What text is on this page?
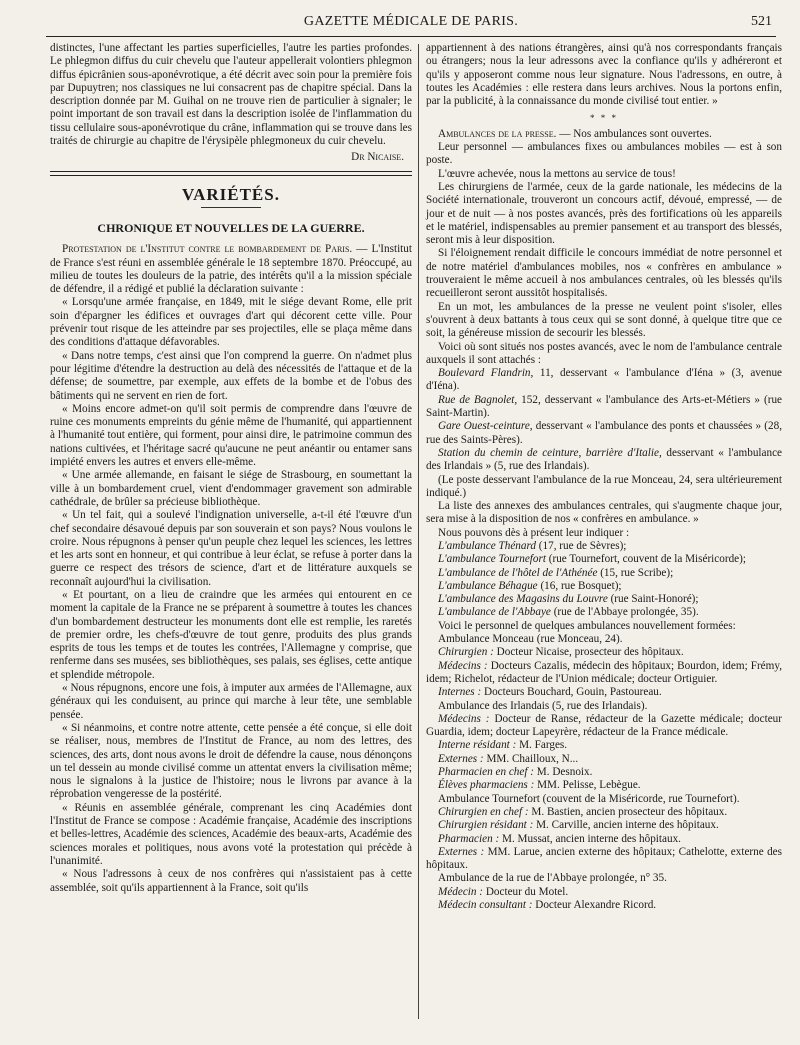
GAZETTE MÉDICALE DE PARIS.	521

distinctes, l'une affectant les parties superficielles, l'autre les parties profondes. Le phlegmon diffus du cuir chevelu que l'auteur appellerait volontiers phlegmon diffus épicrânien sous-aponévrotique, a été décrit avec soin pour la première fois par Dupuytren; nos classiques ne lui consacrent pas de chapitre spécial. Dans la description donnée par M. Guihal on ne trouve rien de particulier à signaler; le point important de son travail est dans la description isolée de l'inflammation du tissu cellulaire sous-aponévrotique du crâne, inflammation qui se trouve dans les traités de chirurgie au chapitre de l'érysipèle phlegmoneux du cuir chevelu.

Dr Nicaise.
VARIÉTÉS.
CHRONIQUE ET NOUVELLES DE LA GUERRE.

Protestation de l'Institut contre le bombardement de Paris. — L'Institut de France s'est réuni en assemblée générale le 18 septembre 1870. Préoccupé, au milieu de toutes les douleurs de la patrie, des intérêts qu'il a la mission spéciale de défendre, il a rédigé et publié la déclaration suivante :

« Lorsqu'une armée française, en 1849, mit le siége devant Rome, elle prit soin d'épargner les édifices et ouvrages d'art qui décorent cette ville. Pour prévenir tout risque de les atteindre par ses projectiles, elle se plaça même dans des conditions d'attaque défavorables.

« Dans notre temps, c'est ainsi que l'on comprend la guerre. On n'admet plus pour légitime d'étendre la destruction au delà des nécessités de l'attaque et de la défense; de soumettre, par exemple, aux effets de la bombe et de l'obus des bâtiments qui ne servent en rien de fort.

« Moins encore admet-on qu'il soit permis de comprendre dans l'œuvre de ruine ces monuments empreints du génie même de l'humanité, qui appartiennent à l'humanité tout entière, qui forment, pour ainsi dire, le patrimoine commun des nations cultivées, et l'héritage sacré qu'aucune ne peut anéantir ou entamer sans impiété envers les autres et envers elle-même.

« Une armée allemande, en faisant le siége de Strasbourg, en soumettant la ville à un bombardement cruel, vient d'endommager gravement son admirable cathédrale, de brûler sa précieuse bibliothèque.

« Un tel fait, qui a soulevé l'indignation universelle, a-t-il été l'œuvre d'un chef secondaire désavoué depuis par son souverain et son pays? Nous voulons le croire. Nous répugnons à penser qu'un peuple chez lequel les sciences, les lettres et les arts sont en honneur, et qui contribue à leur éclat, se refuse à porter dans la guerre ce respect des trésors de science, d'art et de littérature auxquels se reconnaît aujourd'hui la civilisation.

« Et pourtant, on a lieu de craindre que les armées qui entourent en ce moment la capitale de la France ne se préparent à soumettre à toutes les chances d'un bombardement destructeur les monuments dont elle est remplie, les raretés de premier ordre, les chefs-d'œuvre de tout genre, produits des plus grands esprits de tous les temps et de toutes les contrées, l'Allemagne y comprise, que renferme dans ses musées, ses bibliothèques, ses palais, ses églises, cette antique et splendide métropole.

« Nous répugnons, encore une fois, à imputer aux armées de l'Allemagne, aux généraux qui les conduisent, au prince qui marche à leur tête, une semblable pensée.

« Si néanmoins, et contre notre attente, cette pensée a été conçue, si elle doit se réaliser, nous, membres de l'Institut de France, au nom des lettres, des sciences, des arts, dont nous avons le droit de défendre la cause, nous dénonçons un tel dessein au monde civilisé comme un attentat envers la civilisation même; nous le signalons à la justice de l'histoire; nous le livrons par avance à la réprobation vengeresse de la postérité.

« Réunis en assemblée générale, comprenant les cinq Académies dont l'Institut de France se compose : Académie française, Académie des inscriptions et belles-lettres, Académie des sciences, Académie des beaux-arts, Académie des sciences morales et politiques, nous avons voté la protestation qui précède à l'unanimité.

« Nous l'adressons à ceux de nos confrères qui n'assistaient pas à cette assemblée, soit qu'ils appartiennent à la France, soit qu'ils

appartiennent à des nations étrangères, ainsi qu'à nos correspondants français ou étrangers; nous la leur adressons avec la confiance qu'ils y adhéreront et qu'ils y apposeront comme nous leur signature. Nous l'adressons, en outre, à toutes les Académies : elle restera dans leurs archives. Nous la portons enfin, par la publicité, à la connaissance du monde civilisé tout entier. »

* * *

Ambulances de la presse. — Nos ambulances sont ouvertes.

Leur personnel — ambulances fixes ou ambulances mobiles — est à son poste.

L'œuvre achevée, nous la mettons au service de tous!

Les chirurgiens de l'armée, ceux de la garde nationale, les médecins de la Société internationale, trouveront un concours actif, dévoué, empressé, — de jour et de nuit — à nos postes avancés, près des fortifications où les appareils et le matériel, indispensables au premier pansement et au transport des blessés, seront mis à leur disposition.

Si l'éloignement rendait difficile le concours immédiat de notre personnel et de notre matériel d'ambulances mobiles, nos « confrères en ambulance » trouveraient le même accueil à nos ambulances centrales, où les blessés qu'ils recueilleront seront aussitôt hospitalisés.

En un mot, les ambulances de la presse ne veulent point s'isoler, elles s'ouvrent à deux battants à tous ceux qui se sont donné, à quelque titre que ce soit, la généreuse mission de secourir les blessés.

Voici où sont situés nos postes avancés, avec le nom de l'ambulance centrale auxquels il sont attachés :

Boulevard Flandrin, 11, desservant « l'ambulance d'Iéna » (3, avenue d'Iéna).

Rue de Bagnolet, 152, desservant « l'ambulance des Arts-et-Métiers » (rue Saint-Martin).

Gare Ouest-ceinture, desservant « l'ambulance des ponts et chaussées » (28, rue des Saints-Pères).

Station du chemin de ceinture, barrière d'Italie, desservant « l'ambulance des Irlandais » (5, rue des Irlandais).

(Le poste desservant l'ambulance de la rue Monceau, 24, sera ultérieurement indiqué.)

La liste des annexes des ambulances centrales, qui s'augmente chaque jour, sera mise à la disposition de nos « confrères en ambulance. »

Nous pouvons dès à présent leur indiquer :

L'ambulance Thénard (17, rue de Sèvres);

L'ambulance Tournefort (rue Tournefort, couvent de la Miséricorde);

L'ambulance de l'hôtel de l'Athénée (15, rue Scribe);

L'ambulance Béhague (16, rue Bosquet);

L'ambulance des Magasins du Louvre (rue Saint-Honoré);

L'ambulance de l'Abbaye (rue de l'Abbaye prolongée, 35).

Voici le personnel de quelques ambulances nouvellement formées:

Ambulance Monceau (rue Monceau, 24).

Chirurgien : Docteur Nicaise, prosecteur des hôpitaux.

Médecins : Docteurs Cazalis, médecin des hôpitaux; Bourdon, idem; Frémy, idem; Richelot, rédacteur de l'Union médicale; docteur Ortiguier.

Internes : Docteurs Bouchard, Gouin, Pastoureau.

Ambulance des Irlandais (5, rue des Irlandais).

Médecins : Docteur de Ranse, rédacteur de la Gazette médicale; docteur Guardia, idem; docteur Lapeyrère, rédacteur de la France médicale.

Interne résidant : M. Farges.

Externes : MM. Chailloux, N...

Pharmacien en chef : M. Desnoix.

Élèves pharmaciens : MM. Pelisse, Lebègue.

Ambulance Tournefort (couvent de la Miséricorde, rue Tournefort).

Chirurgien en chef : M. Bastien, ancien prosecteur des hôpitaux.

Chirurgien résidant : M. Carville, ancien interne des hôpitaux.

Pharmacien : M. Mussat, ancien interne des hôpitaux.

Externes : MM. Larue, ancien externe des hôpitaux; Cathelotte, externe des hôpitaux.

Ambulance de la rue de l'Abbaye prolongée, n° 35.

Médecin : Docteur du Motel.

Médecin consultant : Docteur Alexandre Ricord.
